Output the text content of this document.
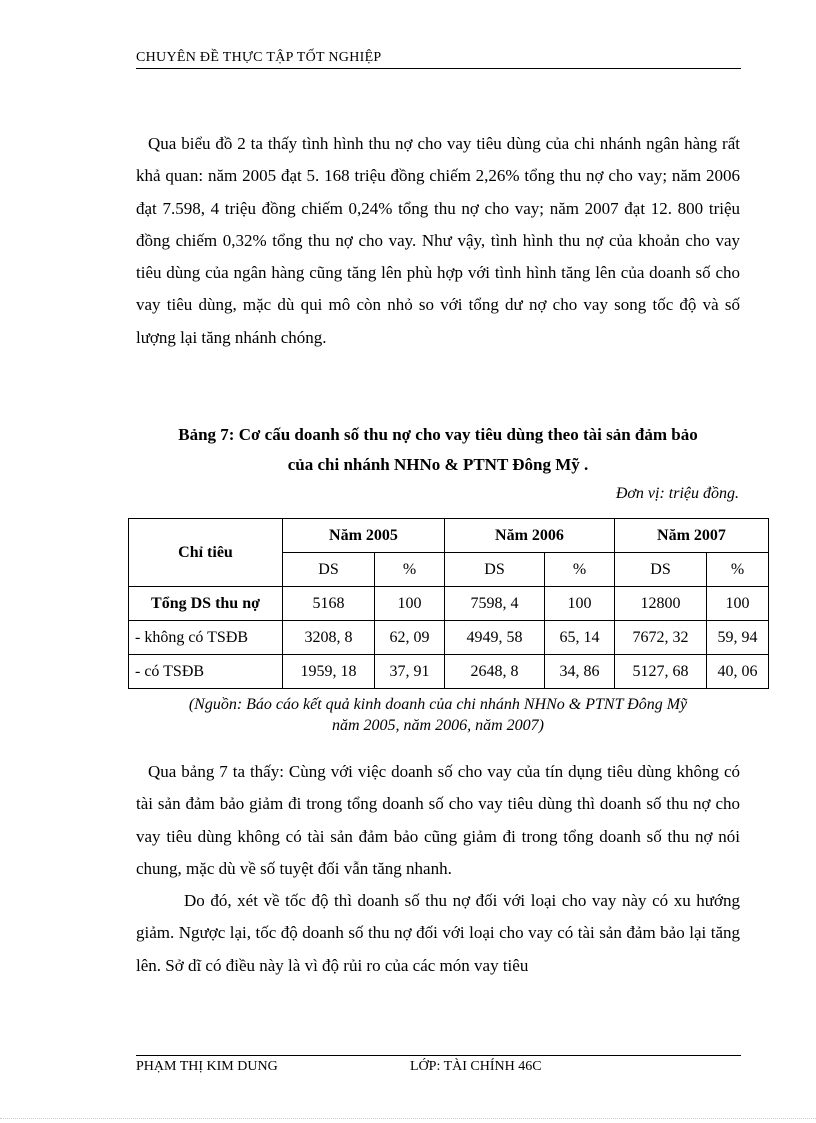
CHUYÊN ĐỀ THỰC TẬP TỐT NGHIỆP

Qua biểu đồ 2 ta thấy tình hình thu nợ cho vay tiêu dùng của chi nhánh ngân hàng rất khả quan: năm 2005 đạt 5. 168 triệu đồng chiếm 2,26% tổng thu nợ cho vay; năm 2006 đạt 7.598, 4 triệu đồng chiếm 0,24% tổng thu nợ cho vay; năm 2007 đạt 12. 800 triệu đồng chiếm 0,32% tổng thu nợ cho vay. Như vậy, tình hình thu nợ của khoản cho vay tiêu dùng của ngân hàng cũng tăng lên phù hợp với tình hình tăng lên của doanh số cho vay tiêu dùng, mặc dù qui mô còn nhỏ so với tổng dư nợ cho vay song tốc độ và số lượng lại tăng nhánh chóng.

Bảng 7: Cơ cấu doanh số thu nợ cho vay tiêu dùng theo tài sản đảm bảo
của chi nhánh NHNo & PTNT Đông Mỹ .
Đơn vị: triệu đồng.
Chỉ tiêu	Năm 2005		Năm 2006		Năm 2007	
	DS	%	DS	%	DS	%
Tổng DS thu nợ	5168	100	7598, 4	100	12800	100
- không có TSĐB	3208, 8	62, 09	4949, 58	65, 14	7672, 32	59, 94
- có TSĐB	1959, 18	37, 91	2648, 8	34, 86	5127, 68	40, 06
(Nguồn: Báo cáo kết quả kinh doanh của chi nhánh NHNo & PTNT Đông Mỹ
năm 2005, năm 2006, năm 2007)

Qua bảng 7 ta thấy: Cùng với việc doanh số cho vay của tín dụng tiêu dùng không có tài sản đảm bảo giảm đi trong tổng doanh số cho vay tiêu dùng thì doanh số thu nợ cho vay tiêu dùng không có tài sản đảm bảo cũng giảm đi trong tổng doanh số thu nợ nói chung, mặc dù về số tuyệt đối vẫn tăng nhanh.

Do đó, xét về tốc độ thì doanh số thu nợ đối với loại cho vay này có xu hướng giảm. Ngược lại, tốc độ doanh số thu nợ đối với loại cho vay có tài sản đảm bảo lại tăng lên. Sở dĩ có điều này là vì độ rủi ro của các món vay tiêu

PHẠM THỊ KIM DUNG	LỚP: TÀI CHÍNH 46C
